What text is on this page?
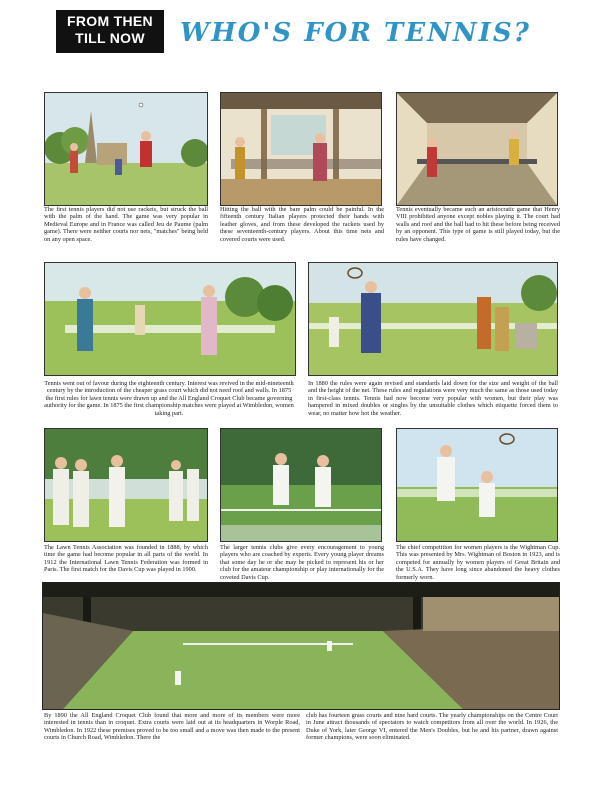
FROM THEN
TILL NOW	WHO'S FOR TENNIS?

The first tennis players did not use rackets, but struck the ball with the palm of the hand. The game was very popular in Medieval Europe and in France was called Jeu de Paume (palm game). There were neither courts nor nets, "matches" being held on any open space.

Hitting the ball with the bare palm could be painful. In the fifteenth century Italian players protected their hands with leather gloves, and from these developed the rackets used by these seventeenth-century players. About this time nets and covered courts were used.

Tennis eventually became such an aristocratic game that Henry VIII prohibited anyone except nobles playing it. The court had walls and roof and the ball had to hit these before being received by an opponent. This type of game is still played today, but the rules have changed.

Tennis went out of favour during the eighteenth century. Interest was revived in the mid-nineteenth century by the introduction of the cheaper grass court which did not need roof and walls. In 1875 the first rules for lawn tennis were drawn up and the All England Croquet Club became governing authority for the game. In 1875 the first championship matches were played at Wimbledon, women taking part.

In 1880 the rules were again revised and standards laid down for the size and weight of the ball and the height of the net. These rules and regulations were very much the same as those used today in first-class tennis. Tennis had now become very popular with women, but their play was hampered in mixed doubles or singles by the unsuitable clothes which etiquette forced them to wear, no matter how hot the weather.

The Lawn Tennis Association was founded in 1888, by which time the game had become popular in all parts of the world. In 1912 the International Lawn Tennis Federation was formed in Paris. The first match for the Davis Cup was played in 1900.

The larger tennis clubs give every encouragement to young players who are coached by experts. Every young player dreams that some day he or she may be picked to represent his or her club for the amateur championship or play internationally for the coveted Davis Cup.

The chief competition for women players is the Wightman Cup. This was presented by Mrs. Wightman of Boston in 1923, and is competed for annually by women players of Great Britain and the U.S.A. They have long since abandoned the heavy clothes formerly worn.

By 1890 the All England Croquet Club found that more and more of its members were more interested in tennis than in croquet. Extra courts were laid out at its headquarters in Worple Road, Wimbledon. In 1922 these premises proved to be too small and a move was then made to the present courts in Church Road, Wimbledon. There the

club has fourteen grass courts and nine hard courts. The yearly championships on the Centre Court in June attract thousands of spectators to watch competitors from all over the world. In 1926, the Duke of York, later George VI, entered the Men's Doubles, but he and his partner, drawn against former champions, were soon eliminated.
